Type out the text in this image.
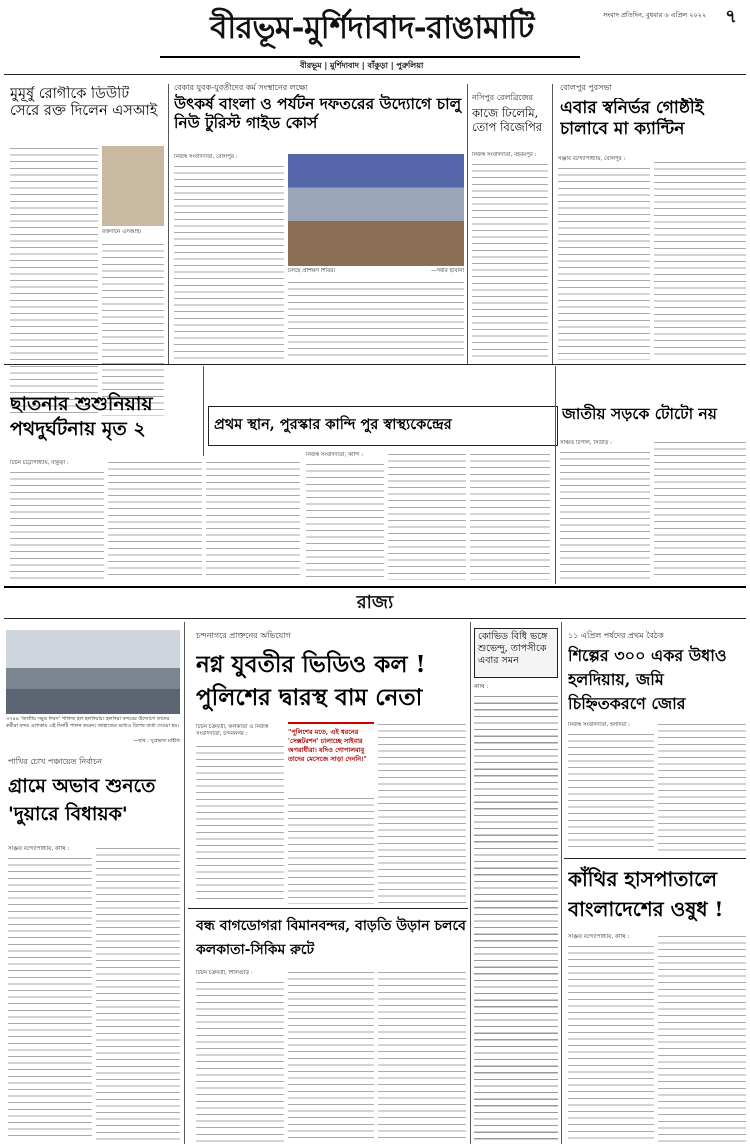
বীরভূম-মুর্শিদাবাদ-রাঙামাটি
বীরভূম | মুর্শিদাবাদ | বাঁকুড়া | পুরুলিয়া
সংবাদ প্রতিদিন, বুধবার ৬ এপ্রিল ২০২২	৭
মুমূর্ষু রোগীকে ডিউটি সেরে রক্ত দিলেন এসআই
রক্তদানে এসআই।
বেকার যুবক-যুবতীদের কর্ম সংস্থানের লক্ষ্যে
উৎকর্ষ বাংলা ও পর্যটন দফতরের উদ্যোগে চালু নিউ টুরিস্ট গাইড কোর্স
চলছে প্রশিক্ষণ শিবির।	—সমীর ছাবানা
নিজস্ব সংবাদদাতা, বোলপুর :
নসিপুর রেলব্রিজের
কাজে ঢিলেমি, তোপ বিজেপির
নিজস্ব সংবাদদাতা, বহরমপুর :
বোলপুর পুরসভা
এবার স্বনির্ভর গোষ্ঠীই চালাবে মা ক্যান্টিন
সঞ্জীব বন্দ্যোপাধ্যায়, বোলপুর :
ছাতনার শুশুনিয়ায় পথদুর্ঘটনায় মৃত ২
টিটন চট্টোপাধ্যায়, বাঁকুড়া :
প্রথম স্থান, পুরস্কার কান্দি পুর স্বাস্থ্যকেন্দ্রের
নিজস্ব সংবাদদাতা, কান্দি :
জাতীয় সড়কে টোটো নয়
সঞ্চিত টিপাল, সিউড়ি :
রাজ্য
৩৭৪৪ 'জাতীয় সমুদ্র দিবস' পালিত হল হলদিয়ায়। হলদিয়া বন্দরের উদ্যোগে তাদের কর্মীরা বন্দর এলাকায় এই দিনটি পালন করেন। জাহাজের মধ্যেও বিশেষ বার্তা দেওয়া হয়।
—ছবি : সুপ্রভাত মাইতি
পাখির চোখ পঞ্চায়েত নির্বাচন
গ্রামে অভাব শুনতে 'দুয়ারে বিধায়ক'
সঞ্জিত বন্দ্যোপাধ্যায়, কাঁথি :
চন্দনাগরে প্রাক্তনের অভিযোগ
নগ্ন যুবতীর ভিডিও কল ! পুলিশের দ্বারস্থ বাম নেতা
টিটন চক্রবর্তী, কলকাতা ও নিজস্ব সংবাদদাতা, চন্দননগর :	"পুলিশের মতে, এই ধরনের 'সেক্সটরশন' চালাচ্ছে সাইবার অপরাধীরা। যদিও গোপালবাবু তাদের মেসেজে সাড়া দেননি।"
কোভিড বিধি ভঙ্গে শুভেন্দু, তাপসীকে এবার সমন
কাঁথি :
১১ এপ্রিল পর্ষদের প্রথম বৈঠক
শিল্পের ৩০০ একর উধাও হলদিয়ায়, জমি চিহ্নিতকরণে জোর
নিজস্ব সংবাদদাতা, হলদিয়া :
কাঁথির হাসপাতালে বাংলাদেশের ওষুধ !
সঞ্জিত বন্দ্যোপাধ্যায়, কাঁথি :
বন্ধ বাগডোগরা বিমানবন্দর, বাড়তি উড়ান চলবে কলকাতা-সিকিম রুটে
টিটন চক্রবর্তী, শিলিগুড়ি :
